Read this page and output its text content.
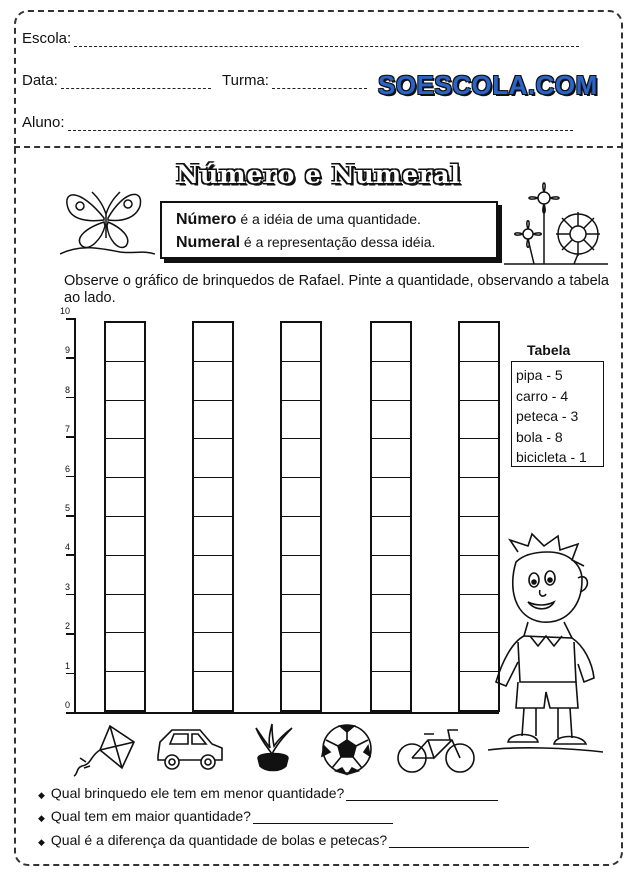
Escola:
Data:	Turma:
Aluno:
SOESCOLA.COM
Número e Numeral
Número é a idéia de uma quantidade.
Numeral é a representação dessa idéia.
Observe o gráfico de brinquedos de Rafael. Pinte a quantidade, observando a tabela ao lado.
10
9
8
7
6
5
4
3
2
1
0
Tabela
pipa - 5
carro - 4
peteca - 3
bola - 8
bicicleta - 1
◆ Qual brinquedo ele tem em menor quantidade?
◆ Qual tem em maior quantidade?
◆ Qual é a diferença da quantidade de bolas e petecas?
